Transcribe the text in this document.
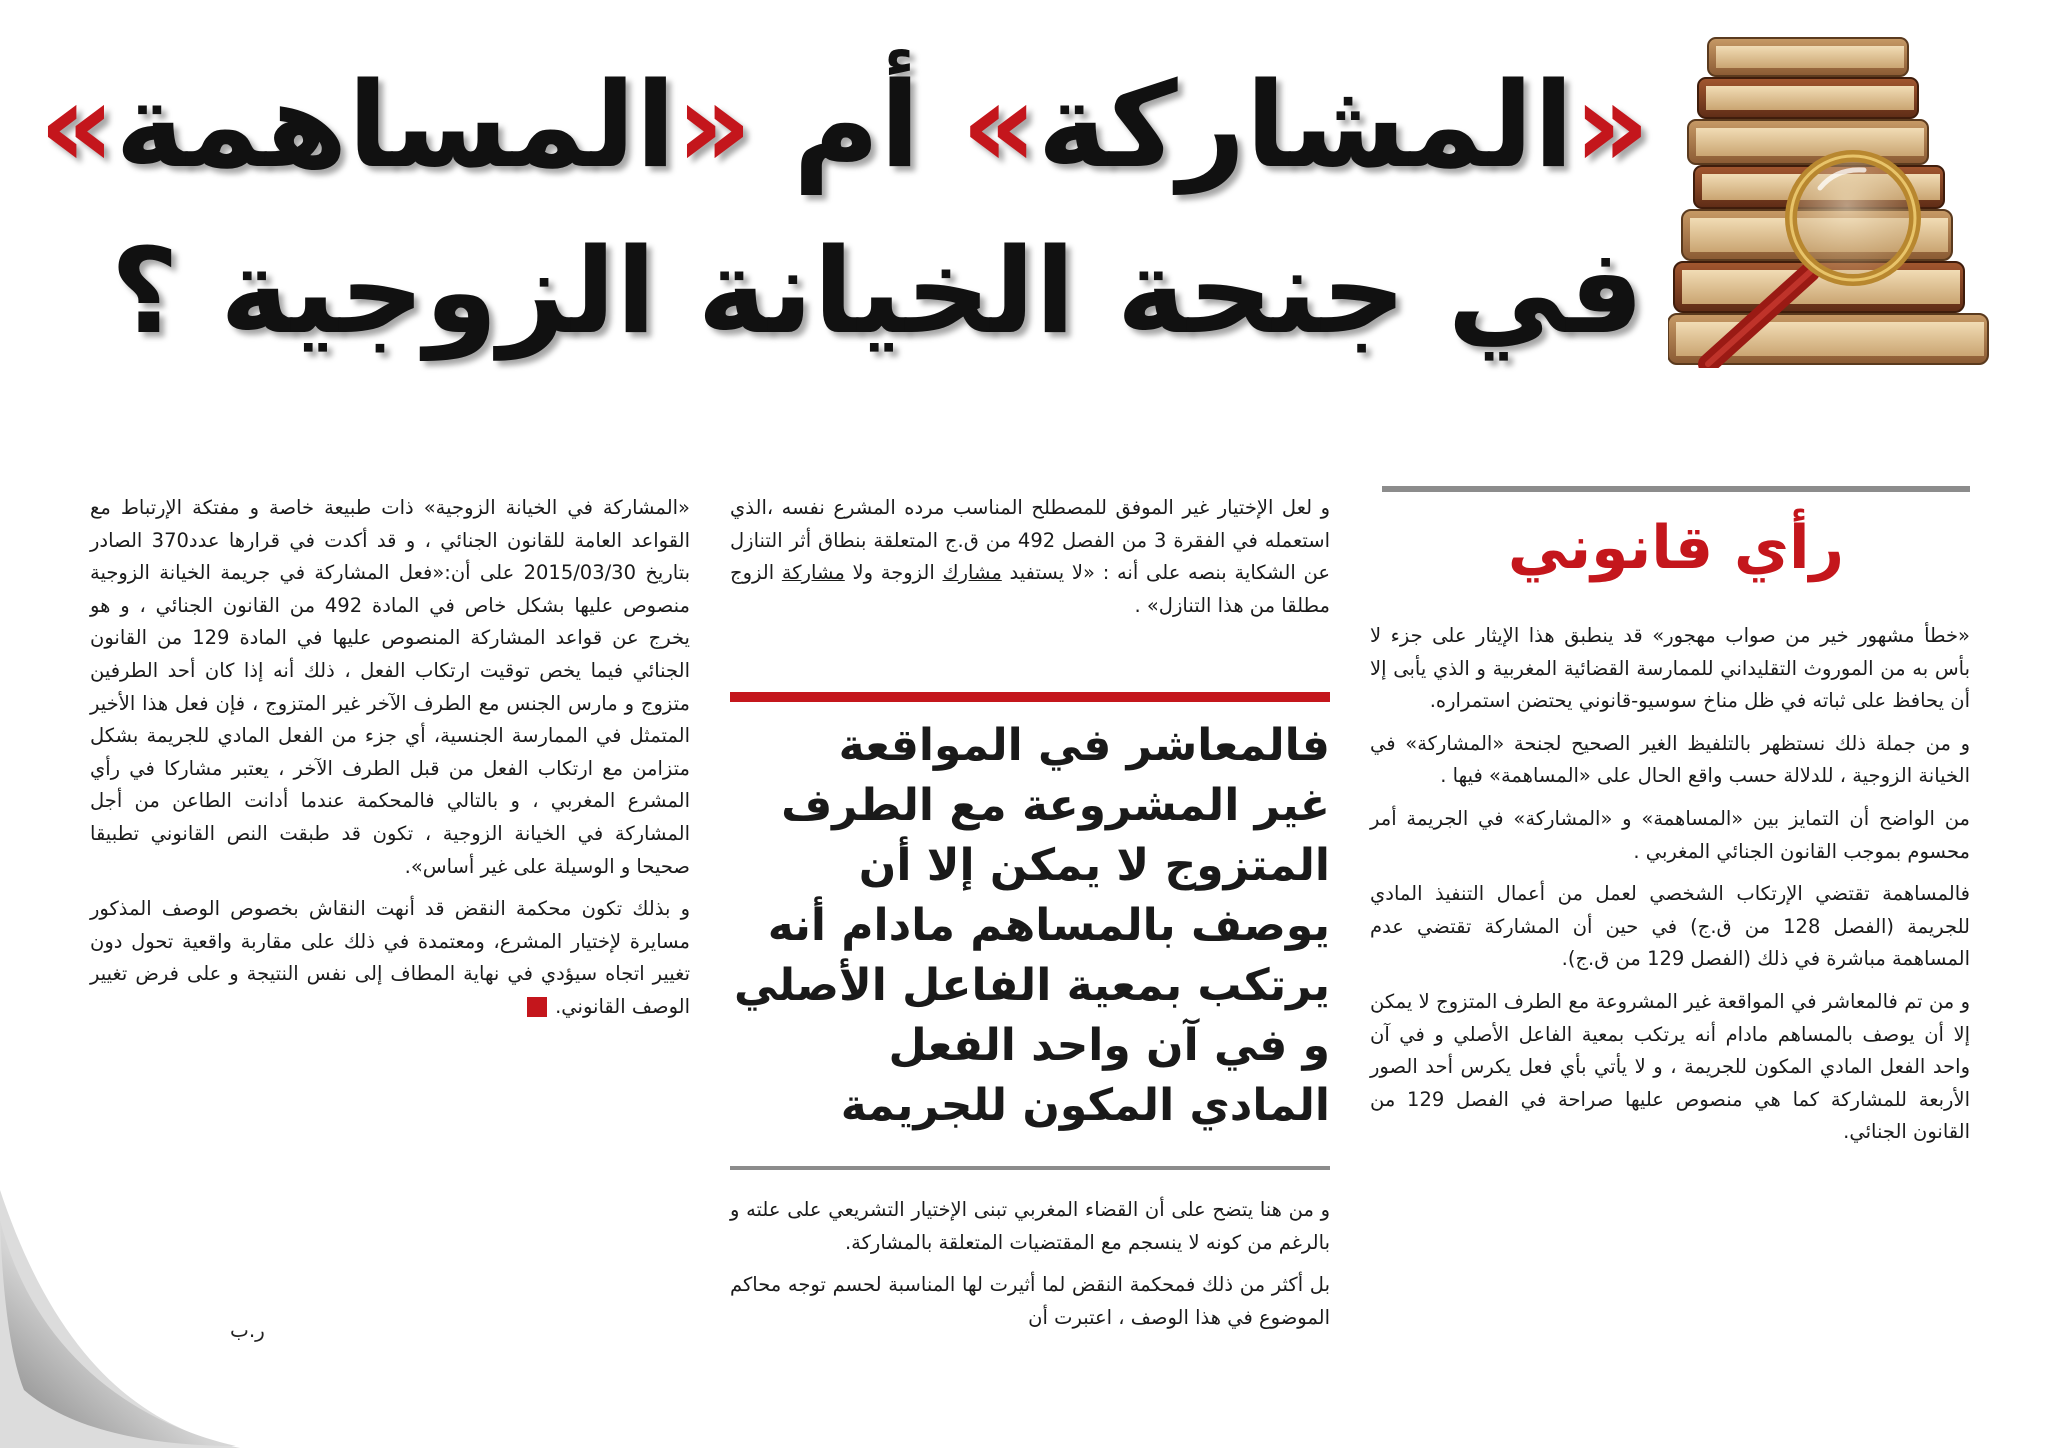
«المشاركة» أم «المساهمة»
في جنحة الخيانة الزوجية ؟
رأي قانوني

«خطأ مشهور خير من صواب مهجور» قد ينطبق هذا الإيثار على جزء لا بأس به من الموروث التقليداني للممارسة القضائية المغربية و الذي يأبى إلا أن يحافظ على ثباته في ظل مناخ سوسيو-قانوني يحتضن استمراره.

و من جملة ذلك نستظهر بالتلفيظ الغير الصحيح لجنحة «المشاركة» في الخيانة الزوجية ، للدلالة حسب واقع الحال على «المساهمة» فيها .

من الواضح أن التمايز بين «المساهمة» و «المشاركة» في الجريمة أمر محسوم بموجب القانون الجنائي المغربي .

فالمساهمة تقتضي الإرتكاب الشخصي لعمل من أعمال التنفيذ المادي للجريمة (الفصل 128 من ق.ج) في حين أن المشاركة تقتضي عدم المساهمة مباشرة في ذلك (الفصل 129 من ق.ج).

و من تم فالمعاشر في المواقعة غير المشروعة مع الطرف المتزوج لا يمكن إلا أن يوصف بالمساهم مادام أنه يرتكب بمعية الفاعل الأصلي و في آن واحد الفعل المادي المكون للجريمة ، و لا يأتي بأي فعل يكرس أحد الصور الأربعة للمشاركة كما هي منصوص عليها صراحة في الفصل 129 من القانون الجنائي.

و لعل الإختيار غير الموفق للمصطلح المناسب مرده المشرع نفسه ،الذي استعمله في الفقرة 3 من الفصل 492 من ق.ج المتعلقة بنطاق أثر التنازل عن الشكاية بنصه على أنه : «لا يستفيد مشارك الزوجة ولا مشاركة الزوج مطلقا من هذا التنازل» .

فالمعاشر في المواقعة
غير المشروعة مع الطرف
المتزوج لا يمكن إلا أن
يوصف بالمساهم مادام أنه
يرتكب بمعية الفاعل الأصلي
و في آن واحد الفعل
المادي المكون للجريمة

و من هنا يتضح على أن القضاء المغربي تبنى الإختيار التشريعي على علته و بالرغم من كونه لا ينسجم مع المقتضيات المتعلقة بالمشاركة.

بل أكثر من ذلك فمحكمة النقض لما أثيرت لها المناسبة لحسم توجه محاكم الموضوع في هذا الوصف ، اعتبرت أن

«المشاركة في الخيانة الزوجية» ذات طبيعة خاصة و مفتكة الإرتباط مع القواعد العامة للقانون الجنائي ، و قد أكدت في قرارها عدد370 الصادر بتاريخ 2015/03/30 على أن:«فعل المشاركة في جريمة الخيانة الزوجية منصوص عليها بشكل خاص في المادة 492 من القانون الجنائي ، و هو يخرج عن قواعد المشاركة المنصوص عليها في المادة 129 من القانون الجنائي فيما يخص توقيت ارتكاب الفعل ، ذلك أنه إذا كان أحد الطرفين متزوج و مارس الجنس مع الطرف الآخر غير المتزوج ، فإن فعل هذا الأخير المتمثل في الممارسة الجنسية، أي جزء من الفعل المادي للجريمة بشكل متزامن مع ارتكاب الفعل من قبل الطرف الآخر ، يعتبر مشاركا في رأي المشرع المغربي ، و بالتالي فالمحكمة عندما أدانت الطاعن من أجل المشاركة في الخيانة الزوجية ، تكون قد طبقت النص القانوني تطبيقا صحيحا و الوسيلة على غير أساس».

و بذلك تكون محكمة النقض قد أنهت النقاش بخصوص الوصف المذكور مسايرة لإختيار المشرع، ومعتمدة في ذلك على مقاربة واقعية تحول دون تغيير اتجاه سيؤدي في نهاية المطاف إلى نفس النتيجة و على فرض تغيير الوصف القانوني.

ر.ب
